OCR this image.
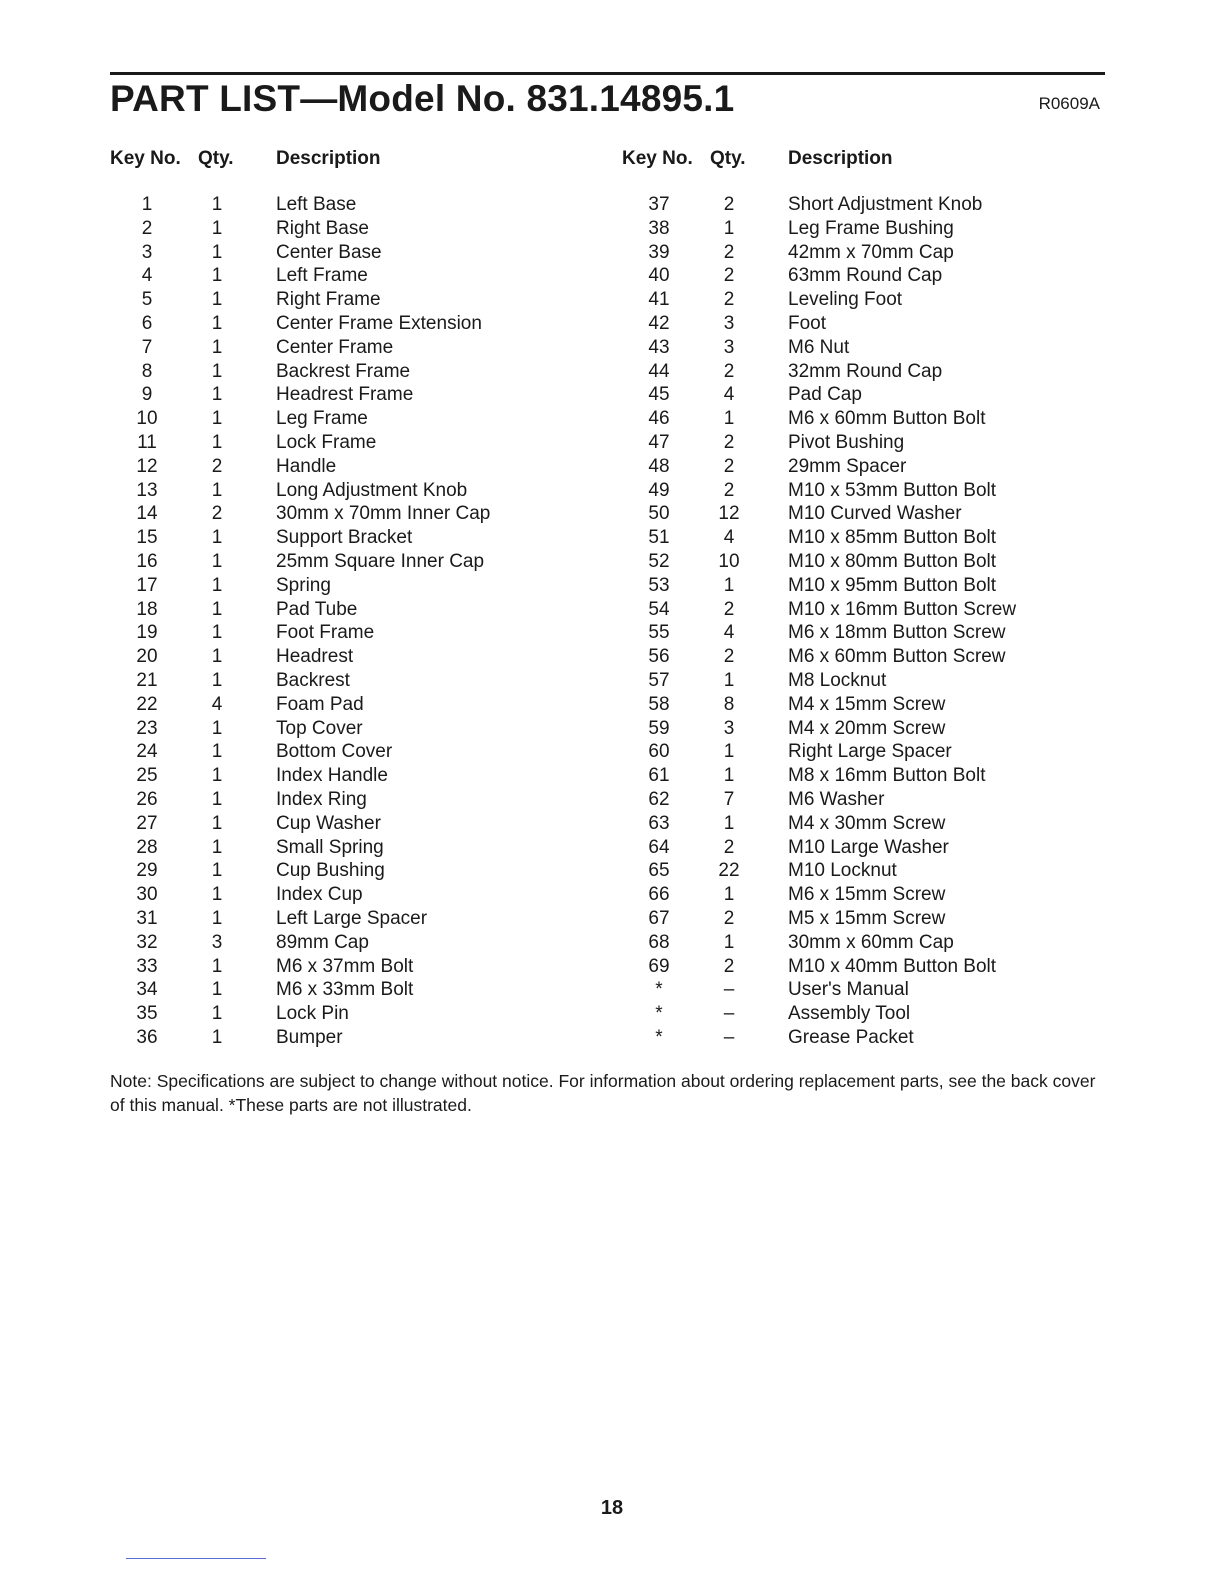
PART LIST—Model No. 831.14895.1	R0609A
Key No. Qty. Description
1	1	Left Base
2	1	Right Base
3	1	Center Base
4	1	Left Frame
5	1	Right Frame
6	1	Center Frame Extension
7	1	Center Frame
8	1	Backrest Frame
9	1	Headrest Frame
10	1	Leg Frame
11	1	Lock Frame
12	2	Handle
13	1	Long Adjustment Knob
14	2	30mm x 70mm Inner Cap
15	1	Support Bracket
16	1	25mm Square Inner Cap
17	1	Spring
18	1	Pad Tube
19	1	Foot Frame
20	1	Headrest
21	1	Backrest
22	4	Foam Pad
23	1	Top Cover
24	1	Bottom Cover
25	1	Index Handle
26	1	Index Ring
27	1	Cup Washer
28	1	Small Spring
29	1	Cup Bushing
30	1	Index Cup
31	1	Left Large Spacer
32	3	89mm Cap
33	1	M6 x 37mm Bolt
34	1	M6 x 33mm Bolt
35	1	Lock Pin
36	1	Bumper
Key No. Qty. Description
37	2	Short Adjustment Knob
38	1	Leg Frame Bushing
39	2	42mm x 70mm Cap
40	2	63mm Round Cap
41	2	Leveling Foot
42	3	Foot
43	3	M6 Nut
44	2	32mm Round Cap
45	4	Pad Cap
46	1	M6 x 60mm Button Bolt
47	2	Pivot Bushing
48	2	29mm Spacer
49	2	M10 x 53mm Button Bolt
50	12	M10 Curved Washer
51	4	M10 x 85mm Button Bolt
52	10	M10 x 80mm Button Bolt
53	1	M10 x 95mm Button Bolt
54	2	M10 x 16mm Button Screw
55	4	M6 x 18mm Button Screw
56	2	M6 x 60mm Button Screw
57	1	M8 Locknut
58	8	M4 x 15mm Screw
59	3	M4 x 20mm Screw
60	1	Right Large Spacer
61	1	M8 x 16mm Button Bolt
62	7	M6 Washer
63	1	M4 x 30mm Screw
64	2	M10 Large Washer
65	22	M10 Locknut
66	1	M6 x 15mm Screw
67	2	M5 x 15mm Screw
68	1	30mm x 60mm Cap
69	2	M10 x 40mm Button Bolt
*	–	User's Manual
*	–	Assembly Tool
*	–	Grease Packet
Note: Specifications are subject to change without notice. For information about ordering replacement parts, see the back cover of this manual. *These parts are not illustrated.
18
